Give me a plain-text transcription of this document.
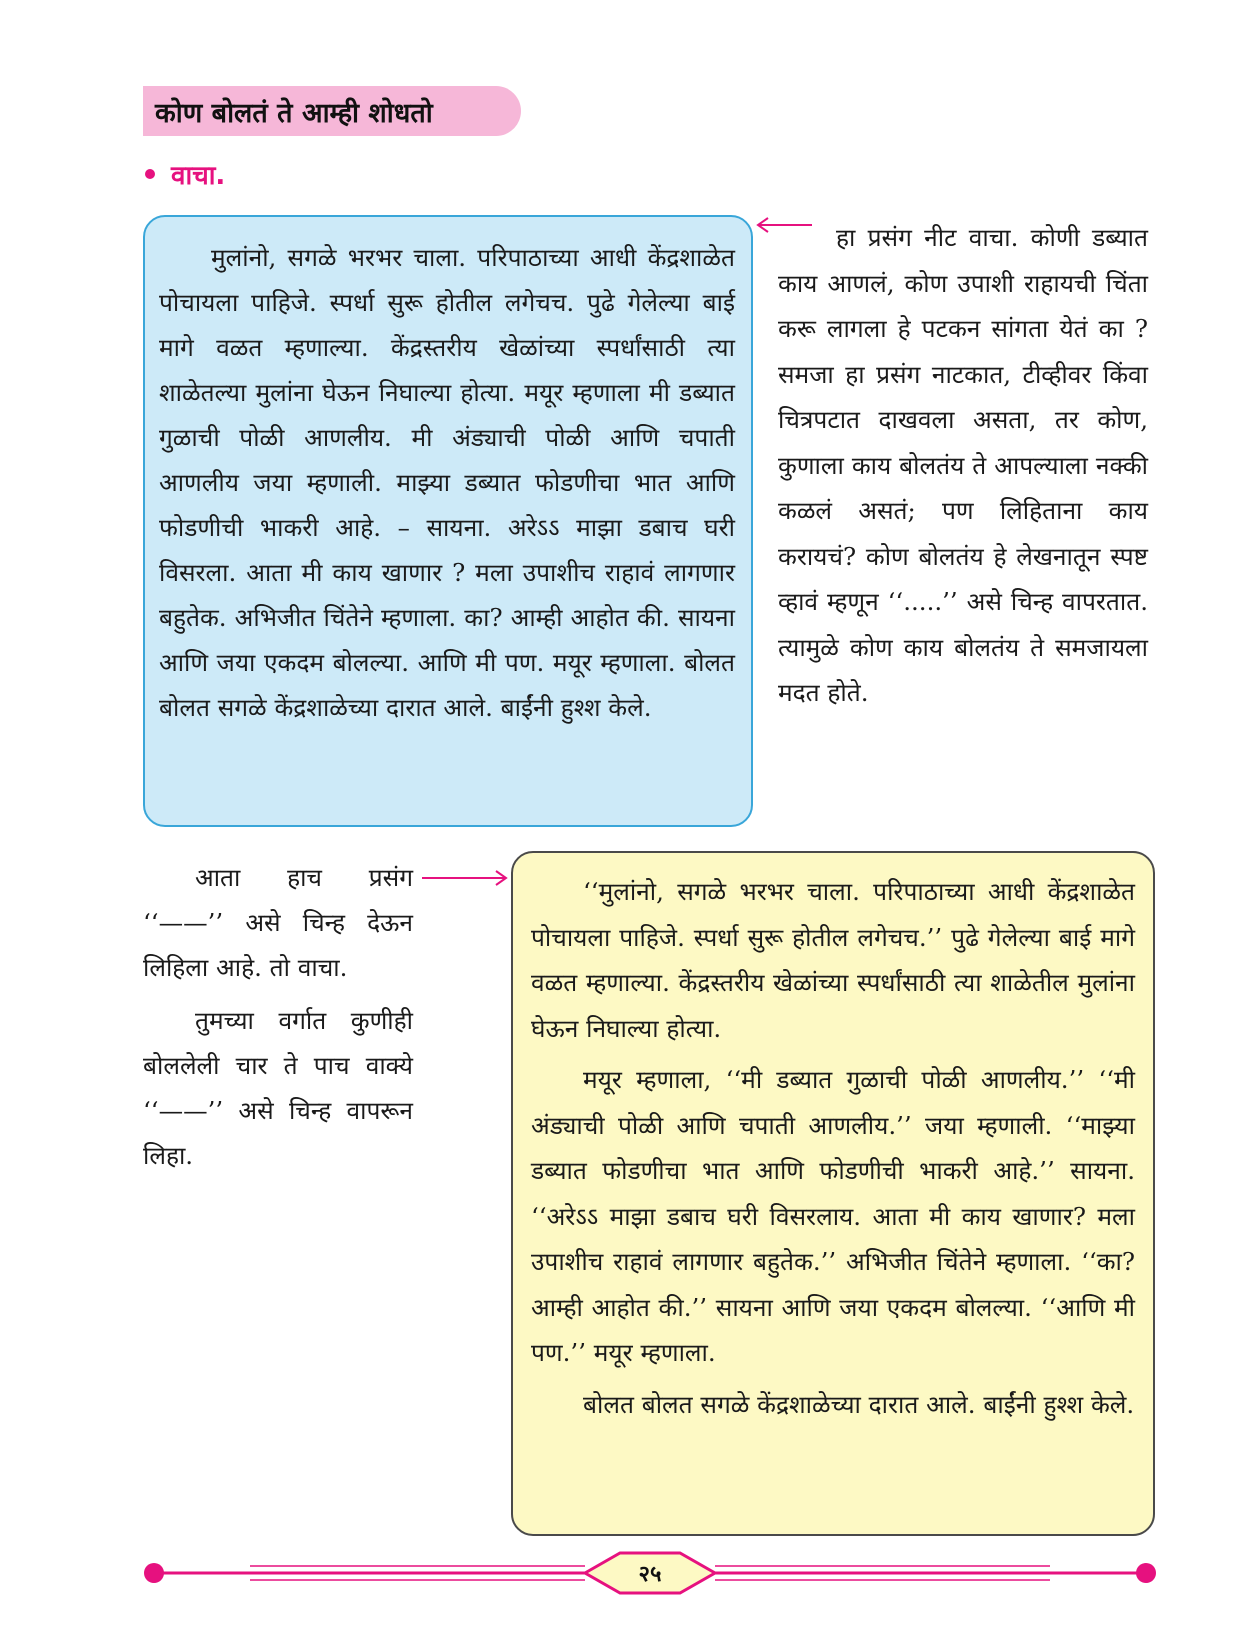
कोण बोलतं ते आम्ही शोधतो
वाचा.

मुलांनो, सगळे भरभर चाला. परिपाठाच्या आधी केंद्रशाळेत पोचायला पाहिजे. स्पर्धा सुरू होतील लगेचच. पुढे गेलेल्या बाई मागे वळत म्हणाल्या. केंद्रस्तरीय खेळांच्या स्पर्धांसाठी त्या शाळेतल्या मुलांना घेऊन निघाल्या होत्या. मयूर म्हणाला मी डब्यात गुळाची पोळी आणलीय. मी अंड्याची पोळी आणि चपाती आणलीय जया म्हणाली. माझ्या डब्यात फोडणीचा भात आणि फोडणीची भाकरी आहे. – सायना. अरेऽऽ माझा डबाच घरी विसरला. आता मी काय खाणार ? मला उपाशीच राहावं लागणार बहुतेक. अभिजीत चिंतेने म्हणाला. का? आम्ही आहोत की. सायना आणि जया एकदम बोलल्या. आणि मी पण. मयूर म्हणाला. बोलत बोलत सगळे केंद्रशाळेच्या दारात आले. बाईंनी हुश्श केले.

हा प्रसंग नीट वाचा. कोणी डब्यात काय आणलं, कोण उपाशी राहायची चिंता करू लागला हे पटकन सांगता येतं का ? समजा हा प्रसंग नाटकात, टीव्हीवर किंवा चित्रपटात दाखवला असता, तर कोण, कुणाला काय बोलतंय ते आपल्याला नक्की कळलं असतं; पण लिहिताना काय करायचं? कोण बोलतंय हे लेखनातून स्पष्ट व्हावं म्हणून ‘‘.....’’ असे चिन्ह वापरतात. त्यामुळे कोण काय बोलतंय ते समजायला मदत होते.

आता हाच प्रसंग ‘‘——’’ असे चिन्ह देऊन लिहिला आहे. तो वाचा.

तुमच्या वर्गात कुणीही बोललेली चार ते पाच वाक्ये ‘‘——’’ असे चिन्ह वापरून लिहा.

‘‘मुलांनो, सगळे भरभर चाला. परिपाठाच्या आधी केंद्रशाळेत पोचायला पाहिजे. स्पर्धा सुरू होतील लगेचच.’’ पुढे गेलेल्या बाई मागे वळत म्हणाल्या. केंद्रस्तरीय खेळांच्या स्पर्धांसाठी त्या शाळेतील मुलांना घेऊन निघाल्या होत्या.

मयूर म्हणाला, ‘‘मी डब्यात गुळाची पोळी आणलीय.’’ ‘‘मी अंड्याची पोळी आणि चपाती आणलीय.’’ जया म्हणाली. ‘‘माझ्या डब्यात फोडणीचा भात आणि फोडणीची भाकरी आहे.’’ सायना. ‘‘अरेऽऽ माझा डबाच घरी विसरलाय. आता मी काय खाणार? मला उपाशीच राहावं लागणार बहुतेक.’’ अभिजीत चिंतेने म्हणाला. ‘‘का? आम्ही आहोत की.’’ सायना आणि जया एकदम बोलल्या. ‘‘आणि मी पण.’’ मयूर म्हणाला.

बोलत बोलत सगळे केंद्रशाळेच्या दारात आले. बाईंनी हुश्श केले.

२५
